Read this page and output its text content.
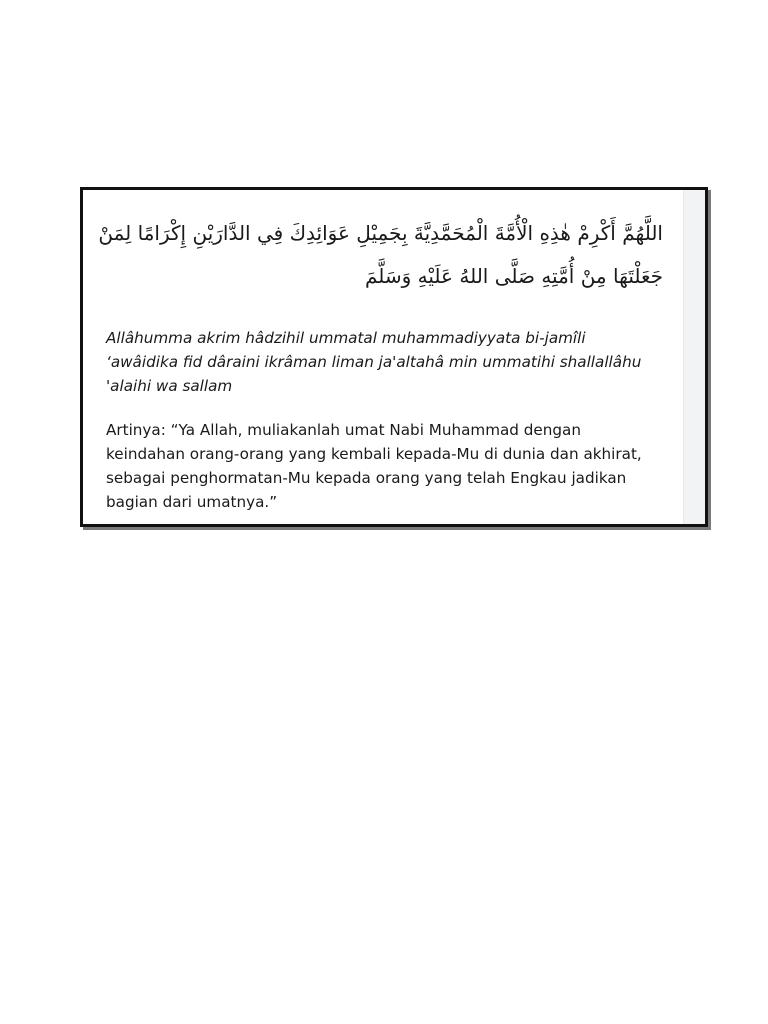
اللَّهُمَّ أَكْرِمْ هٰذِهِ الْأُمَّةَ الْمُحَمَّدِيَّةَ بِجَمِيْلِ عَوَائِدِكَ فِي الدَّارَيْنِ إِكْرَامًا لِمَنْ
جَعَلْتَهَا مِنْ أُمَّتِهِ صَلَّى اللهُ عَلَيْهِ وَسَلَّمَ
Allâhumma akrim hâdzihil ummatal muhammadiyyata bi-jamîli
‘awâidika fid dâraini ikrâman liman ja'altahâ min ummatihi shallallâhu
'alaihi wa sallam
Artinya: “Ya Allah, muliakanlah umat Nabi Muhammad dengan
keindahan orang-orang yang kembali kepada-Mu di dunia dan akhirat,
sebagai penghormatan-Mu kepada orang yang telah Engkau jadikan
bagian dari umatnya.”
